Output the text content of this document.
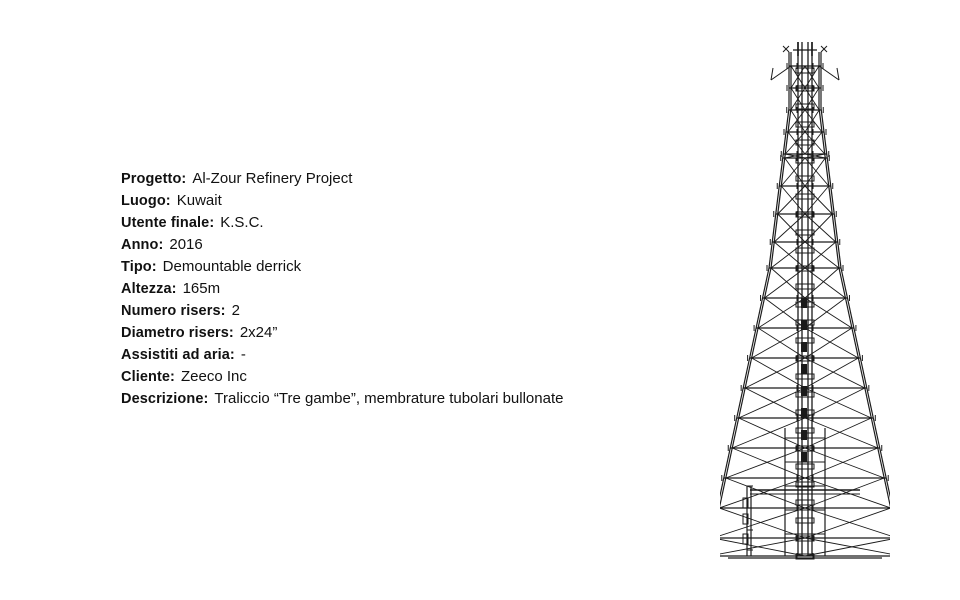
Progetto: Al-Zour Refinery Project
Luogo: Kuwait
Utente finale: K.S.C.
Anno: 2016
Tipo: Demountable derrick
Altezza: 165m
Numero risers: 2
Diametro risers: 2x24”
Assistiti ad aria: -
Cliente: Zeeco Inc
Descrizione: Traliccio “Tre gambe”, membrature tubolari bullonate
